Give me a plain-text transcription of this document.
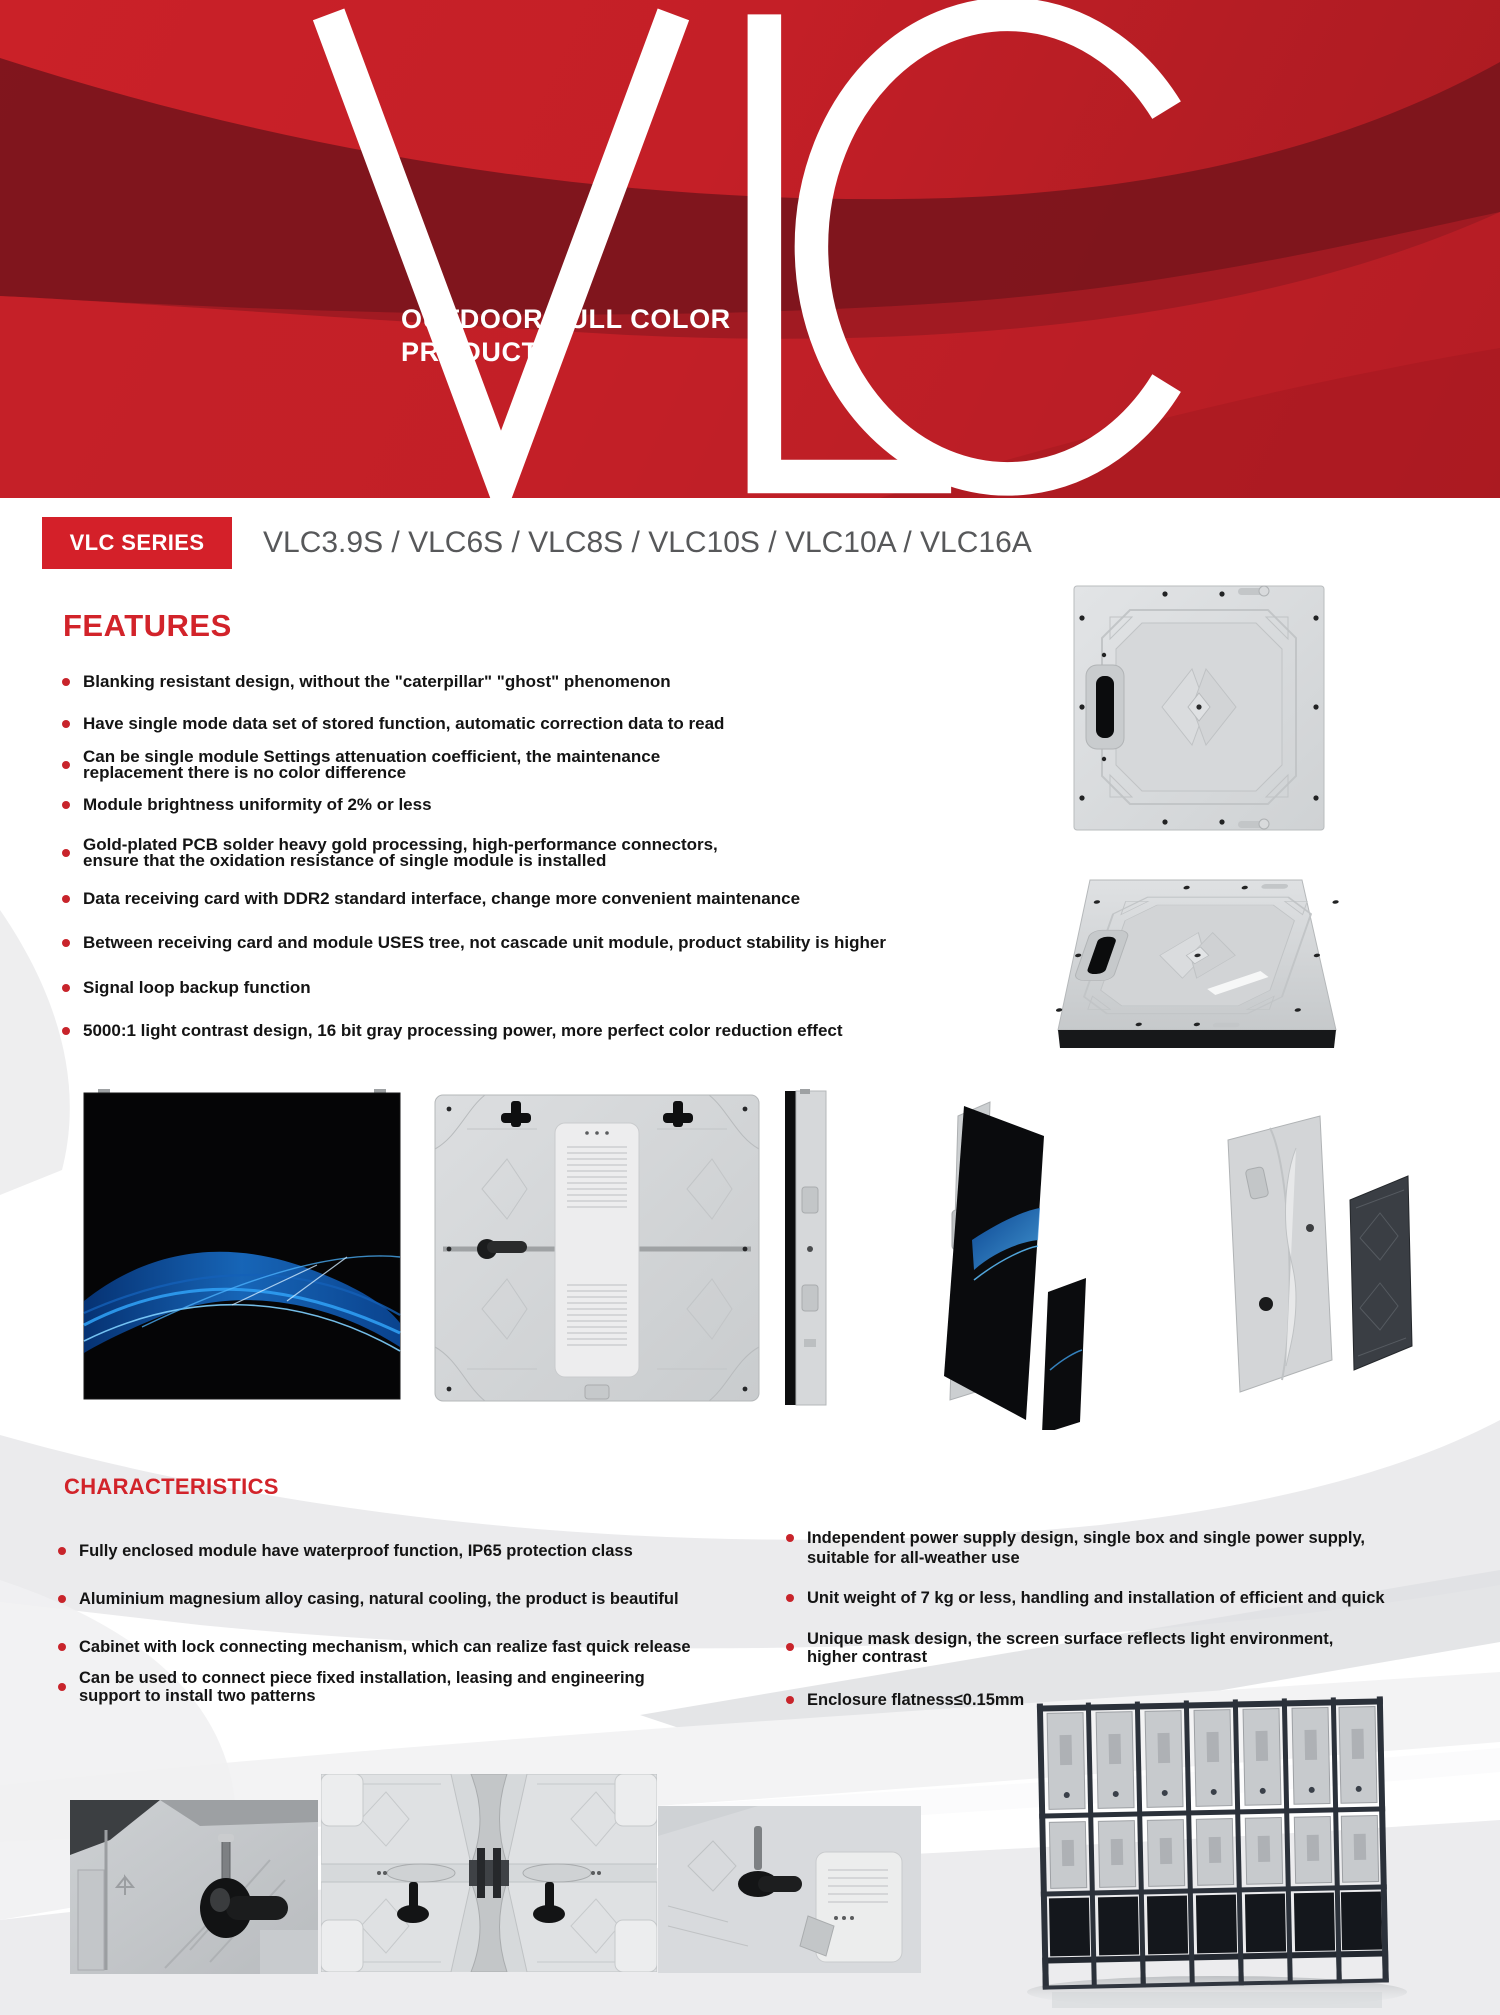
OUTDOOR FULL COLOR
PRODUCT
VLC SERIES	VLC3.9S / VLC6S / VLC8S / VLC10S / VLC10A / VLC16A
FEATURES
Blanking resistant design, without the "caterpillar" "ghost" phenomenon
Have single mode data set of stored function, automatic correction data to read
Can be single module Settings attenuation coefficient, the maintenance
replacement there is no color difference
Module brightness uniformity of 2% or less
Gold-plated PCB solder heavy gold processing, high-performance connectors,
ensure that the oxidation resistance of single module is installed
Data receiving card with DDR2 standard interface, change more convenient maintenance
Between receiving card and module USES tree, not cascade unit module, product stability is higher
Signal loop backup function
5000:1 light contrast design, 16 bit gray processing power, more perfect color reduction effect
CHARACTERISTICS
Fully enclosed module have waterproof function, IP65 protection class
Aluminium magnesium alloy casing, natural cooling, the product is beautiful
Cabinet with lock connecting mechanism, which can realize fast quick release
Can be used to connect piece fixed installation, leasing and engineering
support to install two patterns
Independent power supply design, single box and single power supply,
suitable for all-weather use
Unit weight of 7 kg or less, handling and installation of efficient and quick
Unique mask design, the screen surface reflects light environment,
higher contrast
Enclosure flatness≤0.15mm
